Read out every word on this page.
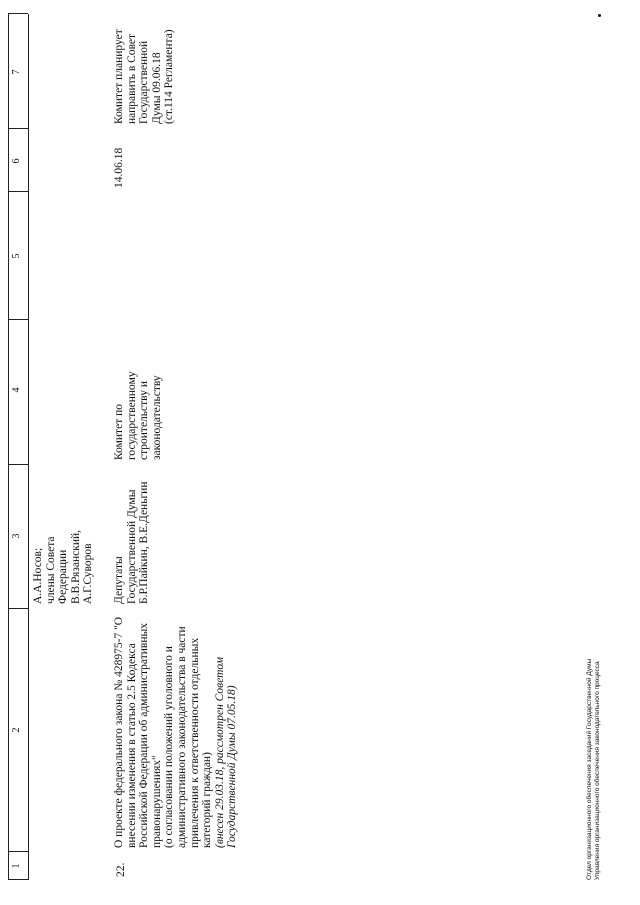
1
2
3
4
5
6
7
А.А.Носов; члены Совета Федерации В.В.Рязанский, А.Г.Суворов
22.
О проекте федерального закона № 428975-7 "О внесении изменения в статью 2.5 Кодекса Российской Федерации об административных правонарушениях" (о согласовании положений уголовного и административного законодательства в части привлечения к ответственности отдельных категорий граждан) (внесен 29.03.18, рассмотрен Советом Государственной Думы 07.05.18)
Депутаты Государственной Думы Б.Р.Пайкин, В.Е.Деньгин
Комитет по государственному строительству и законодательству
14.06.18
Комитет планирует направить в Совет Государственной Думы 09.06.18 (ст.114 Регламента)
Отдел организационного обеспечения заседаний Государственной Думы Управления организационного обеспечения законодательного процесса
